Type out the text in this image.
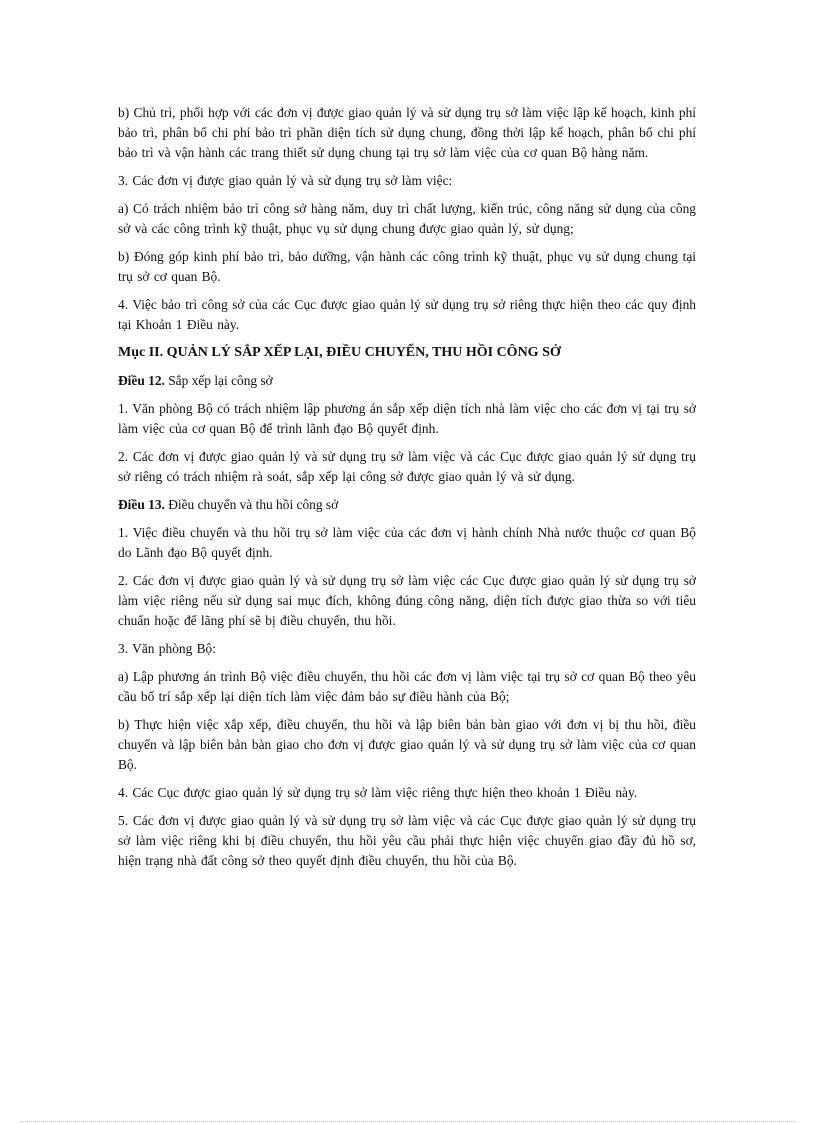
b) Chủ trì, phối hợp với các đơn vị được giao quản lý và sử dụng trụ sở làm việc lập kế hoạch, kinh phí bảo trì, phân bổ chi phí bảo trì phần diện tích sử dụng chung, đồng thời lập kế hoạch, phân bổ chi phí bảo trì và vận hành các trang thiết sử dụng chung tại trụ sở làm việc của cơ quan Bộ hàng năm.

3. Các đơn vị được giao quản lý và sử dụng trụ sở làm việc:

a) Có trách nhiệm bảo trì công sở hàng năm, duy trì chất lượng, kiến trúc, công năng sử dụng của công sở và các công trình kỹ thuật, phục vụ sử dụng chung được giao quản lý, sử dụng;

b) Đóng góp kinh phí bảo trì, bảo dưỡng, vận hành các công trình kỹ thuật, phục vụ sử dụng chung tại trụ sở cơ quan Bộ.

4. Việc bảo trì công sở của các Cục được giao quản lý sử dụng trụ sở riêng thực hiện theo các quy định tại Khoản 1 Điều này.

Mục II. QUẢN LÝ SẮP XẾP LẠI, ĐIỀU CHUYỂN, THU HỒI CÔNG SỞ

Điều 12. Sắp xếp lại công sở

1. Văn phòng Bộ có trách nhiệm lập phương án sắp xếp diện tích nhà làm việc cho các đơn vị tại trụ sở làm việc của cơ quan Bộ để trình lãnh đạo Bộ quyết định.

2. Các đơn vị được giao quản lý và sử dụng trụ sở làm việc và các Cục được giao quản lý sử dụng trụ sở riêng có trách nhiệm rà soát, sắp xếp lại công sở được giao quản lý và sử dụng.

Điều 13. Điều chuyển và thu hồi công sở

1. Việc điều chuyển và thu hồi trụ sở làm việc của các đơn vị hành chính Nhà nước thuộc cơ quan Bộ do Lãnh đạo Bộ quyết định.

2. Các đơn vị được giao quản lý và sử dụng trụ sở làm việc các Cục được giao quản lý sử dụng trụ sở làm việc riêng nếu sử dụng sai mục đích, không đúng công năng, diện tích được giao thừa so với tiêu chuẩn hoặc để lãng phí sẽ bị điều chuyển, thu hồi.

3. Văn phòng Bộ:

a) Lập phương án trình Bộ việc điều chuyển, thu hồi các đơn vị làm việc tại trụ sở cơ quan Bộ theo yêu cầu bố trí sắp xếp lại diện tích làm việc đảm bảo sự điều hành của Bộ;

b) Thực hiện việc xắp xếp, điều chuyển, thu hồi và lập biên bản bàn giao với đơn vị bị thu hồi, điều chuyển và lập biên bản bàn giao cho đơn vị được giao quản lý và sử dụng trụ sở làm việc của cơ quan Bộ.

4. Các Cục được giao quản lý sử dụng trụ sở làm việc riêng thực hiện theo khoản 1 Điều này.

5. Các đơn vị được giao quản lý và sử dụng trụ sở làm việc và các Cục được giao quản lý sử dụng trụ sở làm việc riêng khi bị điều chuyển, thu hồi yêu cầu phải thực hiện việc chuyển giao đầy đủ hồ sơ, hiện trạng nhà đất công sở theo quyết định điều chuyển, thu hồi của Bộ.
